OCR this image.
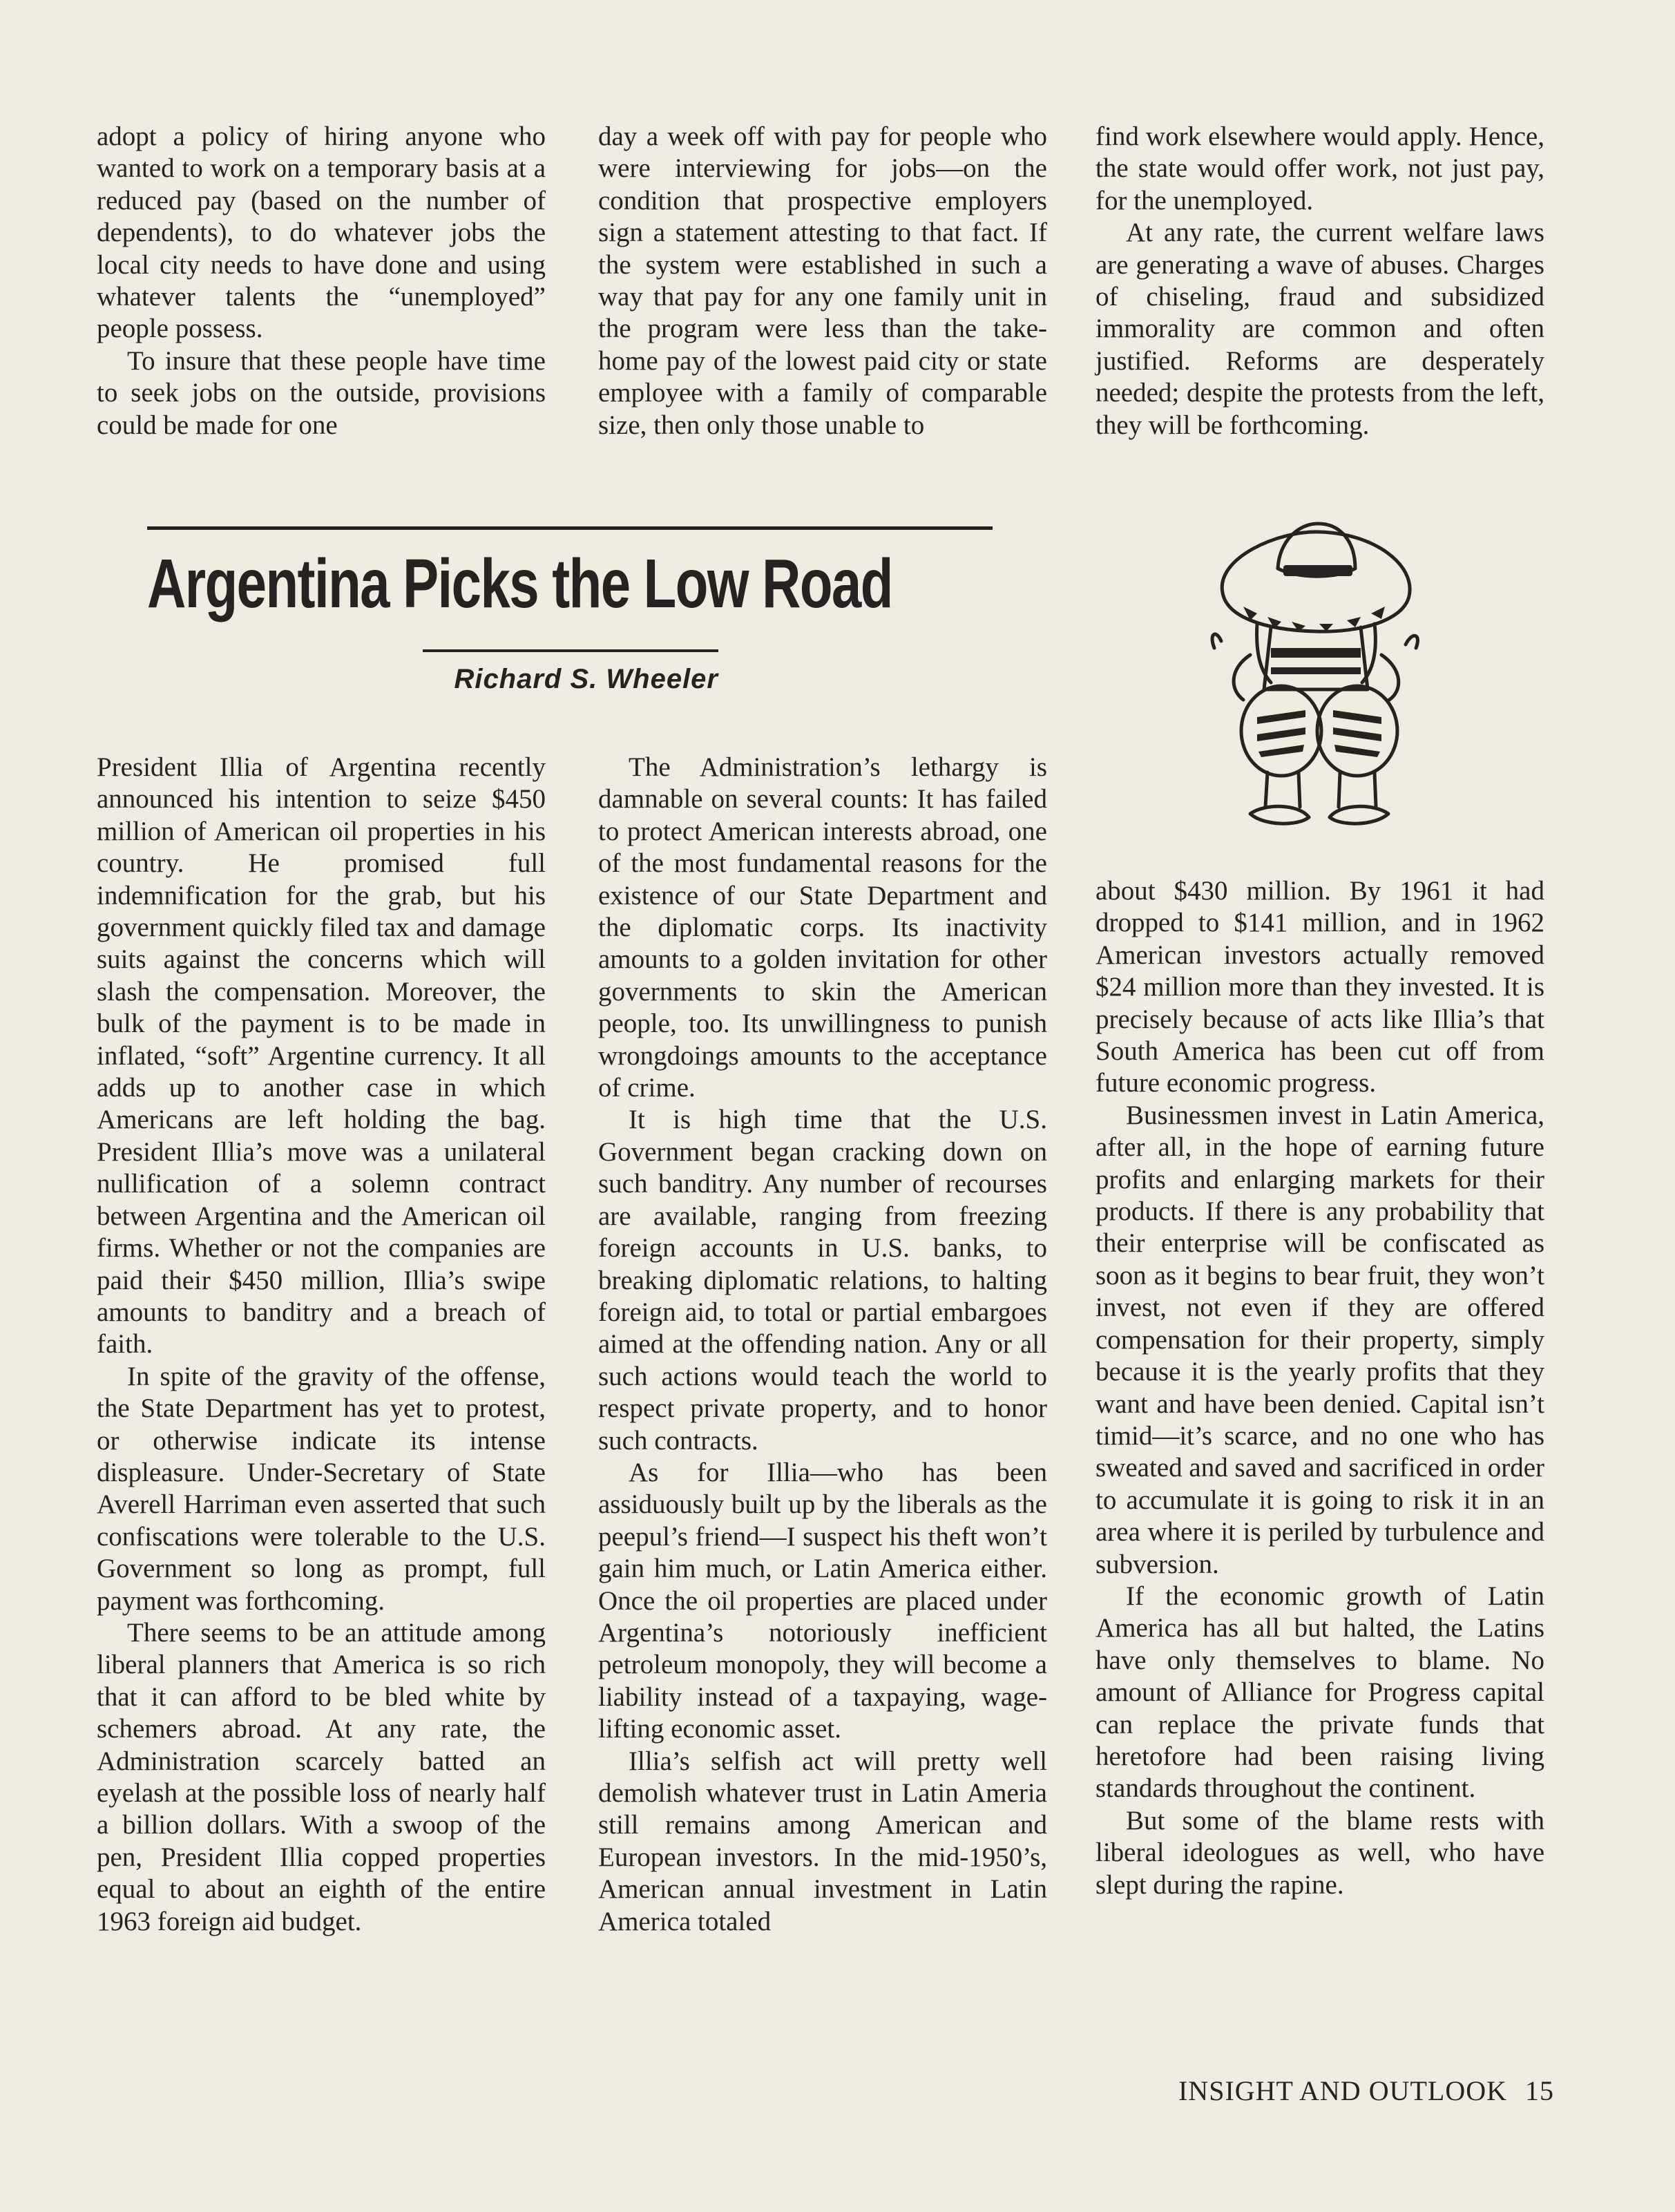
adopt a policy of hiring anyone who wanted to work on a temporary basis at a reduced pay (based on the number of dependents), to do whatever jobs the local city needs to have done and using whatever talents the “unemployed” people possess.

To insure that these people have time to seek jobs on the outside, provisions could be made for one

day a week off with pay for people who were interviewing for jobs—on the condition that prospective employers sign a statement attesting to that fact. If the system were established in such a way that pay for any one family unit in the program were less than the take-home pay of the lowest paid city or state employee with a family of comparable size, then only those unable to

find work elsewhere would apply. Hence, the state would offer work, not just pay, for the unemployed.

At any rate, the current welfare laws are generating a wave of abuses. Charges of chiseling, fraud and subsidized immorality are common and often justified. Reforms are desperately needed; despite the protests from the left, they will be forthcoming.

Argentina Picks the Low Road
Richard S. Wheeler

President Illia of Argentina recently announced his intention to seize $450 million of American oil properties in his country. He promised full indemnification for the grab, but his government quickly filed tax and damage suits against the concerns which will slash the compensation. Moreover, the bulk of the payment is to be made in inflated, “soft” Argentine currency. It all adds up to another case in which Americans are left holding the bag. President Illia’s move was a unilateral nullification of a solemn contract between Argentina and the American oil firms. Whether or not the companies are paid their $450 million, Illia’s swipe amounts to banditry and a breach of faith.

In spite of the gravity of the offense, the State Department has yet to protest, or otherwise indicate its intense displeasure. Under-Secretary of State Averell Harriman even asserted that such confiscations were tolerable to the U.S. Government so long as prompt, full payment was forthcoming.

There seems to be an attitude among liberal planners that America is so rich that it can afford to be bled white by schemers abroad. At any rate, the Administration scarcely batted an eyelash at the possible loss of nearly half a billion dollars. With a swoop of the pen, President Illia copped properties equal to about an eighth of the entire 1963 foreign aid budget.

The Administration’s lethargy is damnable on several counts: It has failed to protect American interests abroad, one of the most fundamental reasons for the existence of our State Department and the diplomatic corps. Its inactivity amounts to a golden invitation for other governments to skin the American people, too. Its unwillingness to punish wrongdoings amounts to the acceptance of crime.

It is high time that the U.S. Government began cracking down on such banditry. Any number of recourses are available, ranging from freezing foreign accounts in U.S. banks, to breaking diplomatic relations, to halting foreign aid, to total or partial embargoes aimed at the offending nation. Any or all such actions would teach the world to respect private property, and to honor such contracts.

As for Illia—who has been assiduously built up by the liberals as the peepul’s friend—I suspect his theft won’t gain him much, or Latin America either. Once the oil properties are placed under Argentina’s notoriously inefficient petroleum monopoly, they will become a liability instead of a taxpaying, wage-lifting economic asset.

Illia’s selfish act will pretty well demolish whatever trust in Latin Ameria still remains among American and European investors. In the mid-1950’s, American annual investment in Latin America totaled

about $430 million. By 1961 it had dropped to $141 million, and in 1962 American investors actually removed $24 million more than they invested. It is precisely because of acts like Illia’s that South America has been cut off from future economic progress.

Businessmen invest in Latin America, after all, in the hope of earning future profits and enlarging markets for their products. If there is any probability that their enterprise will be confiscated as soon as it begins to bear fruit, they won’t invest, not even if they are offered compensation for their property, simply because it is the yearly profits that they want and have been denied. Capital isn’t timid—it’s scarce, and no one who has sweated and saved and sacrificed in order to accumulate it is going to risk it in an area where it is periled by turbulence and subversion.

If the economic growth of Latin America has all but halted, the Latins have only themselves to blame. No amount of Alliance for Progress capital can replace the private funds that heretofore had been raising living standards throughout the continent.

But some of the blame rests with liberal ideologues as well, who have slept during the rapine.

INSIGHT AND OUTLOOK 15
